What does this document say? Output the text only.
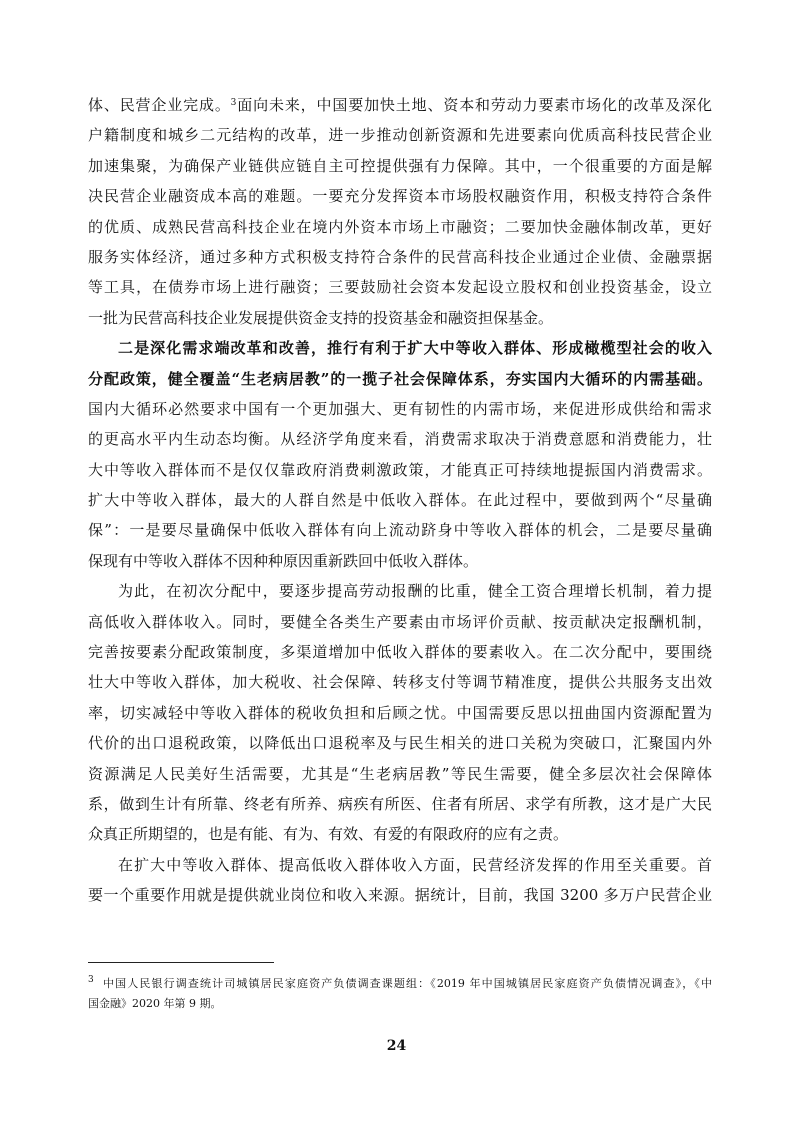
体、民营企业完成。$^3$面向未来，中国要加快土地、资本和劳动力要素市场化的改革及深化
户籍制度和城乡二元结构的改革，进一步推动创新资源和先进要素向优质高科技民营企业
加速集聚，为确保产业链供应链自主可控提供强有力保障。其中，一个很重要的方面是解
决民营企业融资成本高的难题。一要充分发挥资本市场股权融资作用，积极支持符合条件
的优质、成熟民营高科技企业在境内外资本市场上市融资；二要加快金融体制改革，更好
服务实体经济，通过多种方式积极支持符合条件的民营高科技企业通过企业债、金融票据
等工具，在债券市场上进行融资；三要鼓励社会资本发起设立股权和创业投资基金，设立
一批为民营高科技企业发展提供资金支持的投资基金和融资担保基金。
二是深化需求端改革和改善，推行有利于扩大中等收入群体、形成橄榄型社会的收入
分配政策，健全覆盖“生老病居教”的一揽子社会保障体系，夯实国内大循环的内需基础。
国内大循环必然要求中国有一个更加强大、更有韧性的内需市场，来促进形成供给和需求
的更高水平内生动态均衡。从经济学角度来看，消费需求取决于消费意愿和消费能力，壮
大中等收入群体而不是仅仅靠政府消费刺激政策，才能真正可持续地提振国内消费需求。
扩大中等收入群体，最大的人群自然是中低收入群体。在此过程中，要做到两个“尽量确
保”：一是要尽量确保中低收入群体有向上流动跻身中等收入群体的机会，二是要尽量确
保现有中等收入群体不因种种原因重新跌回中低收入群体。
为此，在初次分配中，要逐步提高劳动报酬的比重，健全工资合理增长机制，着力提
高低收入群体收入。同时，要健全各类生产要素由市场评价贡献、按贡献决定报酬机制，
完善按要素分配政策制度，多渠道增加中低收入群体的要素收入。在二次分配中，要围绕
壮大中等收入群体，加大税收、社会保障、转移支付等调节精准度，提供公共服务支出效
率，切实减轻中等收入群体的税收负担和后顾之忧。中国需要反思以扭曲国内资源配置为
代价的出口退税政策，以降低出口退税率及与民生相关的进口关税为突破口，汇聚国内外
资源满足人民美好生活需要，尤其是“生老病居教”等民生需要，健全多层次社会保障体
系，做到生计有所靠、终老有所养、病疾有所医、住者有所居、求学有所教，这才是广大民
众真正所期望的，也是有能、有为、有效、有爱的有限政府的应有之责。
在扩大中等收入群体、提高低收入群体收入方面，民营经济发挥的作用至关重要。首
要一个重要作用就是提供就业岗位和收入来源。据统计，目前，我国 3200 多万户民营企业
$^3$ 中国人民银行调查统计司城镇居民家庭资产负债调查课题组：《2019 年中国城镇居民家庭资产负债情况调查》，《中
国金融》2020 年第 9 期。
24
